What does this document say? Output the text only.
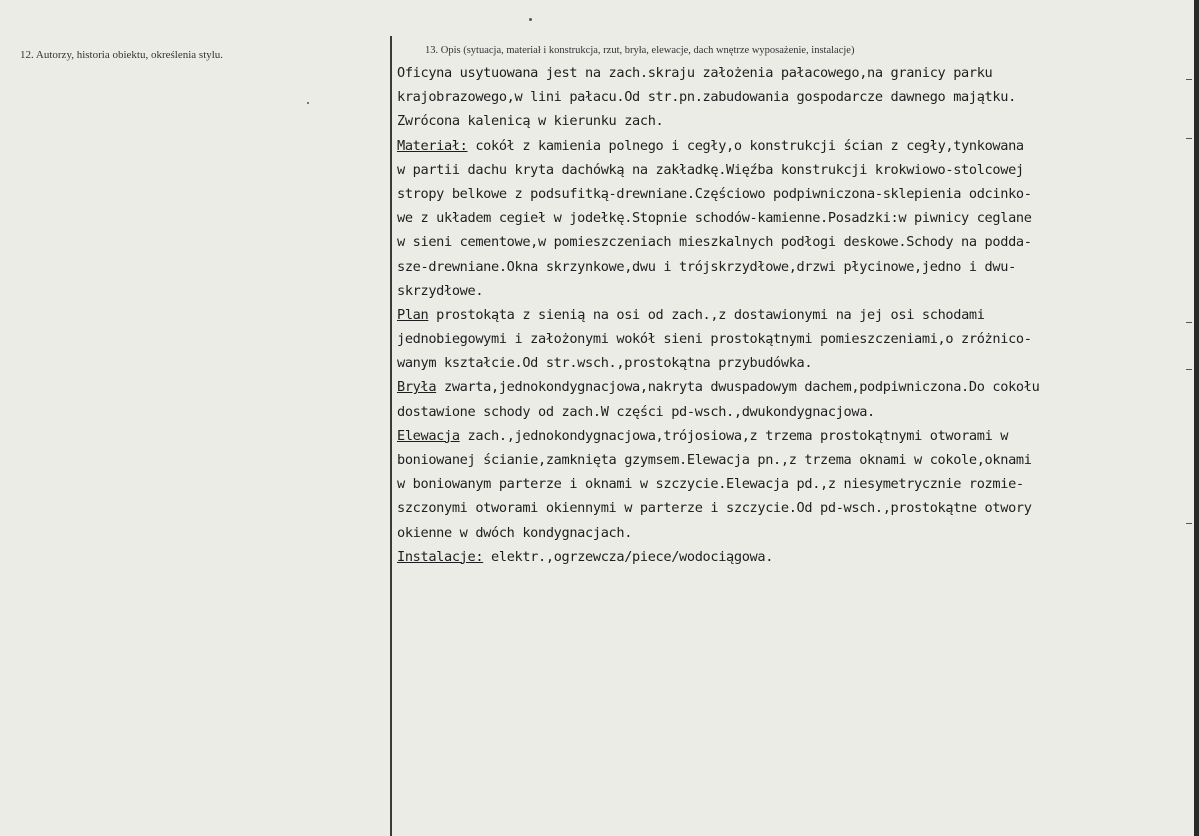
12. Autorzy, historia obiektu, określenia stylu.	13. Opis (sytuacja, materiał i konstrukcja, rzut, bryła, elewacje, dach wnętrze wyposażenie, instalacje)
Oficyna usytuowana jest na zach.skraju założenia pałacowego,na granicy parku
krajobrazowego,w lini pałacu.Od str.pn.zabudowania gospodarcze dawnego majątku.
Zwrócona kalenicą w kierunku zach.
Materiał: cokół z kamienia polnego i cegły,o konstrukcji ścian z cegły,tynkowana
w partii dachu kryta dachówką na zakładkę.Więźba konstrukcji krokwiowo-stolcowej
stropy belkowe z podsufitką-drewniane.Częściowo podpiwniczona-sklepienia odcinko-
we z układem cegieł w jodełkę.Stopnie schodów-kamienne.Posadzki:w piwnicy ceglane
w sieni cementowe,w pomieszczeniach mieszkalnych podłogi deskowe.Schody na podda-
sze-drewniane.Okna skrzynkowe,dwu i trójskrzydłowe,drzwi płycinowe,jedno i dwu-
skrzydłowe.
Plan prostokąta z sienią na osi od zach.,z dostawionymi na jej osi schodami
jednobiegowymi i założonymi wokół sieni prostokątnymi pomieszczeniami,o zróżnico-
wanym kształcie.Od str.wsch.,prostokątna przybudówka.
Bryła zwarta,jednokondygnacjowa,nakryta dwuspadowym dachem,podpiwniczona.Do cokołu
dostawione schody od zach.W części pd-wsch.,dwukondygnacjowa.
Elewacja zach.,jednokondygnacjowa,trójosiowa,z trzema prostokątnymi otworami w
boniowanej ścianie,zamknięta gzymsem.Elewacja pn.,z trzema oknami w cokole,oknami
w boniowanym parterze i oknami w szczycie.Elewacja pd.,z niesymetrycznie rozmie-
szczonymi otworami okiennymi w parterze i szczycie.Od pd-wsch.,prostokątne otwory
okienne w dwóch kondygnacjach.
Instalacje: elektr.,ogrzewcza/piece/wodociągowa.
